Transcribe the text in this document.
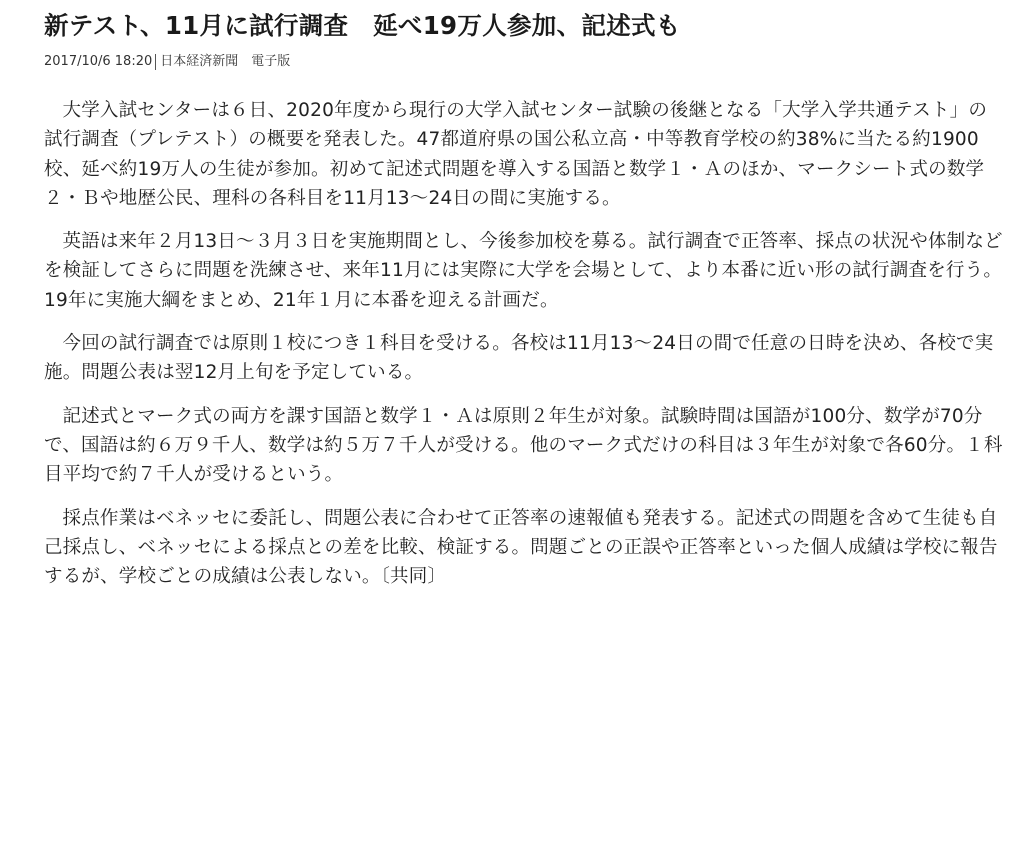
新テスト、11月に試行調査　延べ19万人参加、記述式も
2017/10/6 18:20 日本経済新聞　電子版

大学入試センターは６日、2020年度から現行の大学入試センター試験の後継となる「大学入学共通テスト」の試行調査（プレテスト）の概要を発表した。47都道府県の国公私立高・中等教育学校の約38%に当たる約1900校、延べ約19万人の生徒が参加。初めて記述式問題を導入する国語と数学１・Ａのほか、マークシート式の数学２・Ｂや地歴公民、理科の各科目を11月13～24日の間に実施する。

英語は来年２月13日～３月３日を実施期間とし、今後参加校を募る。試行調査で正答率、採点の状況や体制などを検証してさらに問題を洗練させ、来年11月には実際に大学を会場として、より本番に近い形の試行調査を行う。19年に実施大綱をまとめ、21年１月に本番を迎える計画だ。

今回の試行調査では原則１校につき１科目を受ける。各校は11月13～24日の間で任意の日時を決め、各校で実施。問題公表は翌12月上旬を予定している。

記述式とマーク式の両方を課す国語と数学１・Ａは原則２年生が対象。試験時間は国語が100分、数学が70分で、国語は約６万９千人、数学は約５万７千人が受ける。他のマーク式だけの科目は３年生が対象で各60分。１科目平均で約７千人が受けるという。

採点作業はベネッセに委託し、問題公表に合わせて正答率の速報値も発表する。記述式の問題を含めて生徒も自己採点し、ベネッセによる採点との差を比較、検証する。問題ごとの正誤や正答率といった個人成績は学校に報告するが、学校ごとの成績は公表しない。〔共同〕
